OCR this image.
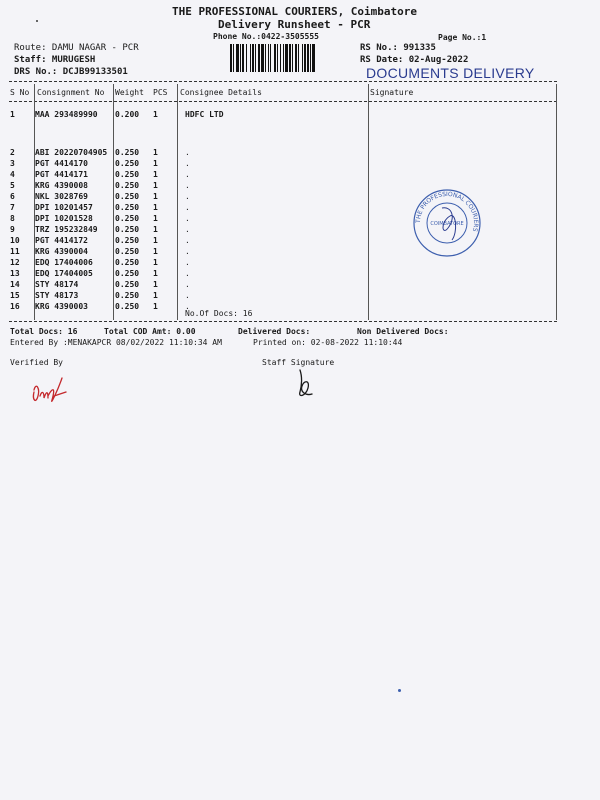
THE PROFESSIONAL COURIERS, Coimbatore
Delivery Runsheet - PCR
Phone No.:0422-3505555	Page No.:1
Route: DAMU NAGAR - PCR
Staff: MURUGESH
DRS No.: DCJB99133501
RS No.: 991335
RS Date: 02-Aug-2022
DOCUMENTS DELIVERY
S No Consignment No Weight PCS Consignee Details	Signature
1	MAA 293489990 0.200 1	HDFC LTD
2	ABI 20220704905 0.250 1	.
3	PGT 4414170	0.250 1	.
4	PGT 4414171	0.250 1	.
5	KRG 4390008	0.250 1	.
6	NKL 3028769	0.250 1	.
7	DPI 10201457	0.250 1	.
8	DPI 10201528	0.250 1	.
9	TRZ 195232849 0.250 1	.
10 PGT 4414172	0.250 1	.
11 KRG 4390004	0.250 1	.
12 EDQ 17404006	0.250 1	.
13 EDQ 17404005	0.250 1	.
14 STY 48174	0.250 1	.
15 STY 48173	0.250 1	.
16 KRG 4390003	0.250 1	.
No.Of Docs: 16
THE PROFESSIONAL COURIERS
COIMBATORE
Total Docs: 16	Total COD Amt: 0.00	Delivered Docs:	Non Delivered Docs:
Entered By :MENAKAPCR 08/02/2022 11:10:34 AM	Printed on: 02-08-2022 11:10:44
Verified By	Staff Signature
